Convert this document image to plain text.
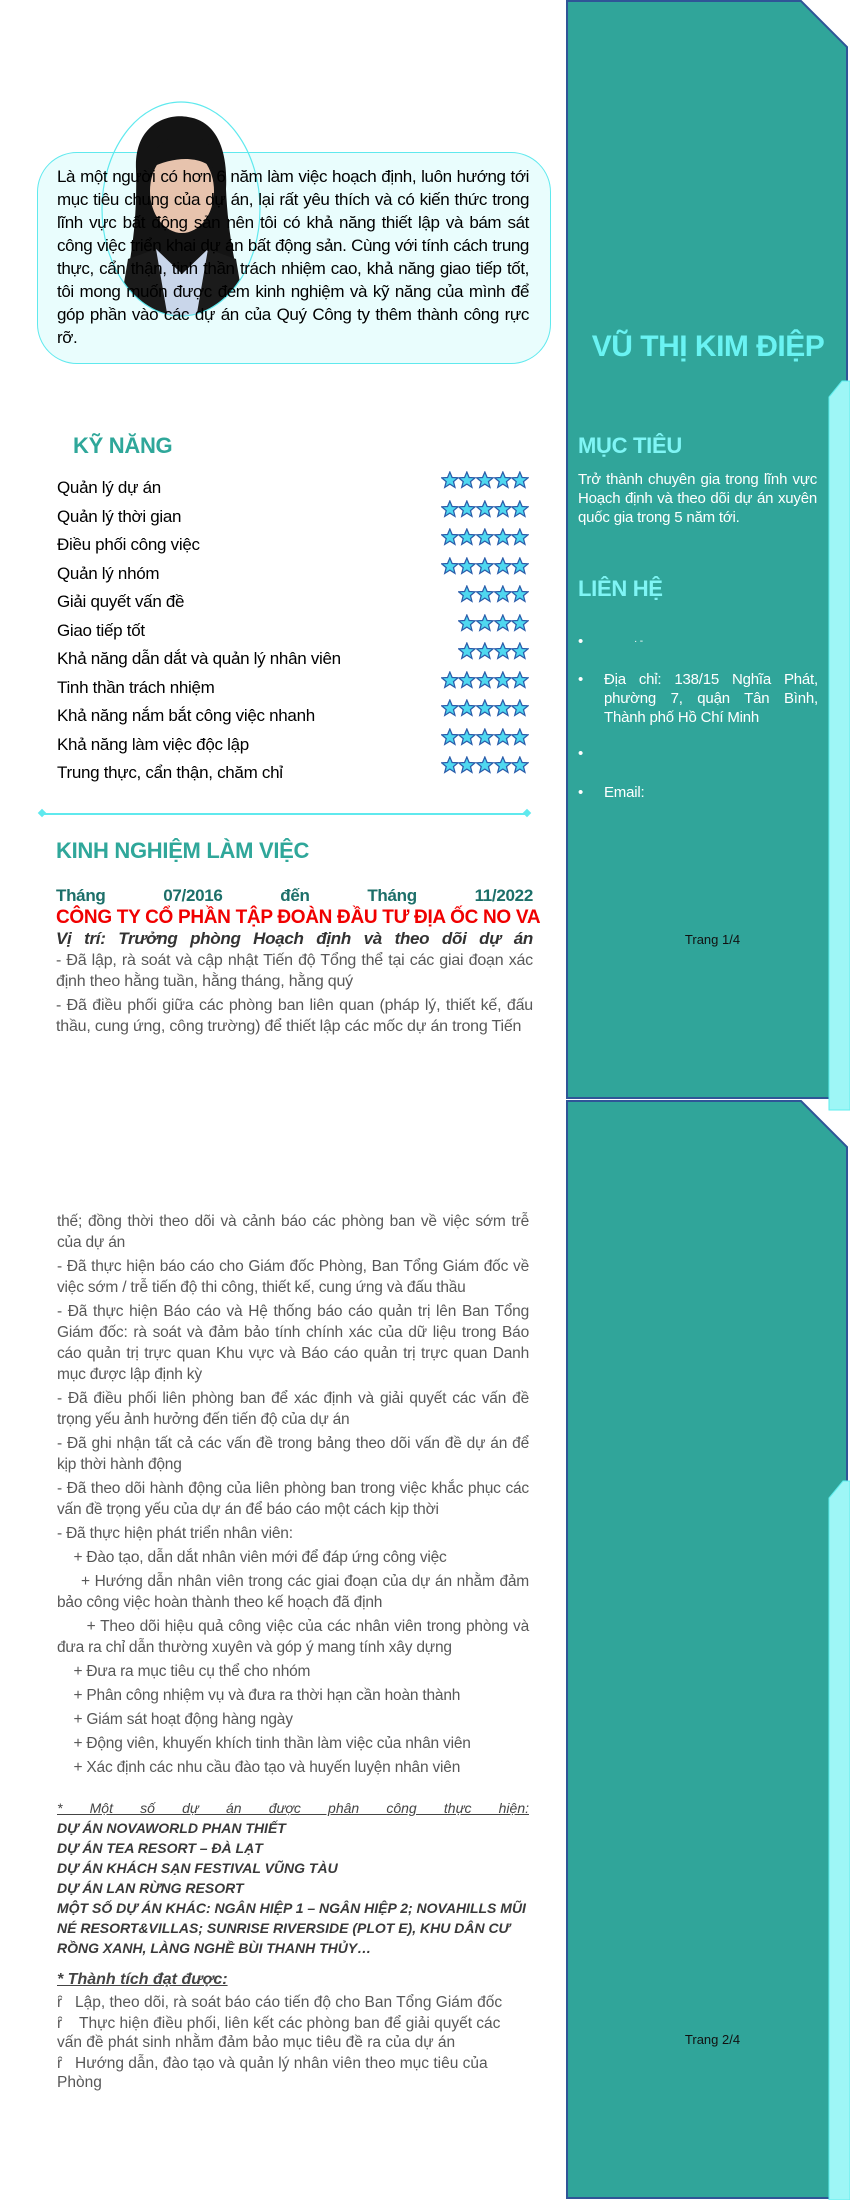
Là một người có hơn 6 năm làm việc hoạch định, luôn hướng tới mục tiêu chung của dự án, lại rất yêu thích và có kiến thức trong lĩnh vực bất động sản nên tôi có khả năng thiết lập và bám sát công việc triển khai dự án bất động sản. Cùng với tính cách trung thực, cẩn thận, tinh thần trách nhiệm cao, khả năng giao tiếp tốt, tôi mong muốn được đem kinh nghiệm và kỹ năng của mình để góp phần vào các dự án của Quý Công ty thêm thành công rực rỡ.	VŨ THỊ KIM ĐIỆP
KỸ NĂNG
Quản lý dự án
Quản lý thời gian
Điều phối công việc
Quản lý nhóm
Giải quyết vấn đề
Giao tiếp tốt
Khả năng dẫn dắt và quản lý nhân viên
Tinh thần trách nhiệm
Khả năng nắm bắt công việc nhanh
Khả năng làm việc độc lập
Trung thực, cẩn thận, chăm chỉ
MỤC TIÊU
Trở thành chuyên gia trong lĩnh vực Hoạch định và theo dõi dự án xuyên quốc gia trong 5 năm tới.
LIÊN HỆ
•	· -
• Địa chỉ: 138/15 Nghĩa Phát, phường 7, quận Tân Bình, Thành phố Hồ Chí Minh
•
• Email:
KINH NGHIỆM LÀM VIỆC
Tháng	07/2016	đến	Tháng	11/2022
CÔNG TY CỔ PHẦN TẬP ĐOÀN ĐẦU TƯ ĐỊA ỐC NO VA
Vị trí: Trưởng phòng Hoạch định và theo dõi dự án

- Đã lập, rà soát và cập nhật Tiến độ Tổng thể tại các giai đoạn xác định theo hằng tuần, hằng tháng, hằng quý

- Đã điều phối giữa các phòng ban liên quan (pháp lý, thiết kế, đấu thầu, cung ứng, công trường) để thiết lập các mốc dự án trong Tiến

Trang 1/4

thế; đồng thời theo dõi và cảnh báo các phòng ban về việc sớm trễ của dự án

- Đã thực hiện báo cáo cho Giám đốc Phòng, Ban Tổng Giám đốc về việc sớm / trễ tiến độ thi công, thiết kế, cung ứng và đấu thầu

- Đã thực hiện Báo cáo và Hệ thống báo cáo quản trị lên Ban Tổng Giám đốc: rà soát và đảm bảo tính chính xác của dữ liệu trong Báo cáo quản trị trực quan Khu vực và Báo cáo quản trị trực quan Danh mục được lập định kỳ

- Đã điều phối liên phòng ban để xác định và giải quyết các vấn đề trọng yếu ảnh hưởng đến tiến độ của dự án

- Đã ghi nhận tất cả các vấn đề trong bảng theo dõi vấn đề dự án để kịp thời hành động

- Đã theo dõi hành động của liên phòng ban trong việc khắc phục các vấn đề trọng yếu của dự án để báo cáo một cách kịp thời

- Đã thực hiện phát triển nhân viên:

+ Đào tạo, dẫn dắt nhân viên mới để đáp ứng công việc

+ Hướng dẫn nhân viên trong các giai đoạn của dự án nhằm đảm bảo công việc hoàn thành theo kế hoạch đã định

+ Theo dõi hiệu quả công việc của các nhân viên trong phòng và đưa ra chỉ dẫn thường xuyên và góp ý mang tính xây dựng

+ Đưa ra mục tiêu cụ thể cho nhóm

+ Phân công nhiệm vụ và đưa ra thời hạn cần hoàn thành

+ Giám sát hoạt động hàng ngày

+ Động viên, khuyến khích tinh thần làm việc của nhân viên

+ Xác định các nhu cầu đào tạo và huyến luyện nhân viên

* Một số dự án được phân công thực hiện:
DỰ ÁN NOVAWORLD PHAN THIẾT
DỰ ÁN TEA RESORT – ĐÀ LẠT
DỰ ÁN KHÁCH SẠN FESTIVAL VŨNG TÀU
DỰ ÁN LAN RỪNG RESORT
MỘT SỐ DỰ ÁN KHÁC: NGÂN HIỆP 1 – NGÂN HIỆP 2; NOVAHILLS MŨI NÉ RESORT&VILLAS; SUNRISE RIVERSIDE (PLOT E), KHU DÂN CƯ RỒNG XANH, LÀNG NGHỀ BÙI THANH THỦY…
* Thành tích đạt được:
ȓ Lập, theo dõi, rà soát báo cáo tiến độ cho Ban Tổng Giám đốc
ȓ Thực hiện điều phối, liên kết các phòng ban để giải quyết các vấn đề phát sinh nhằm đảm bảo mục tiêu đề ra của dự án
ȓ Hướng dẫn, đào tạo và quản lý nhân viên theo mục tiêu của Phòng
Trang 2/4
